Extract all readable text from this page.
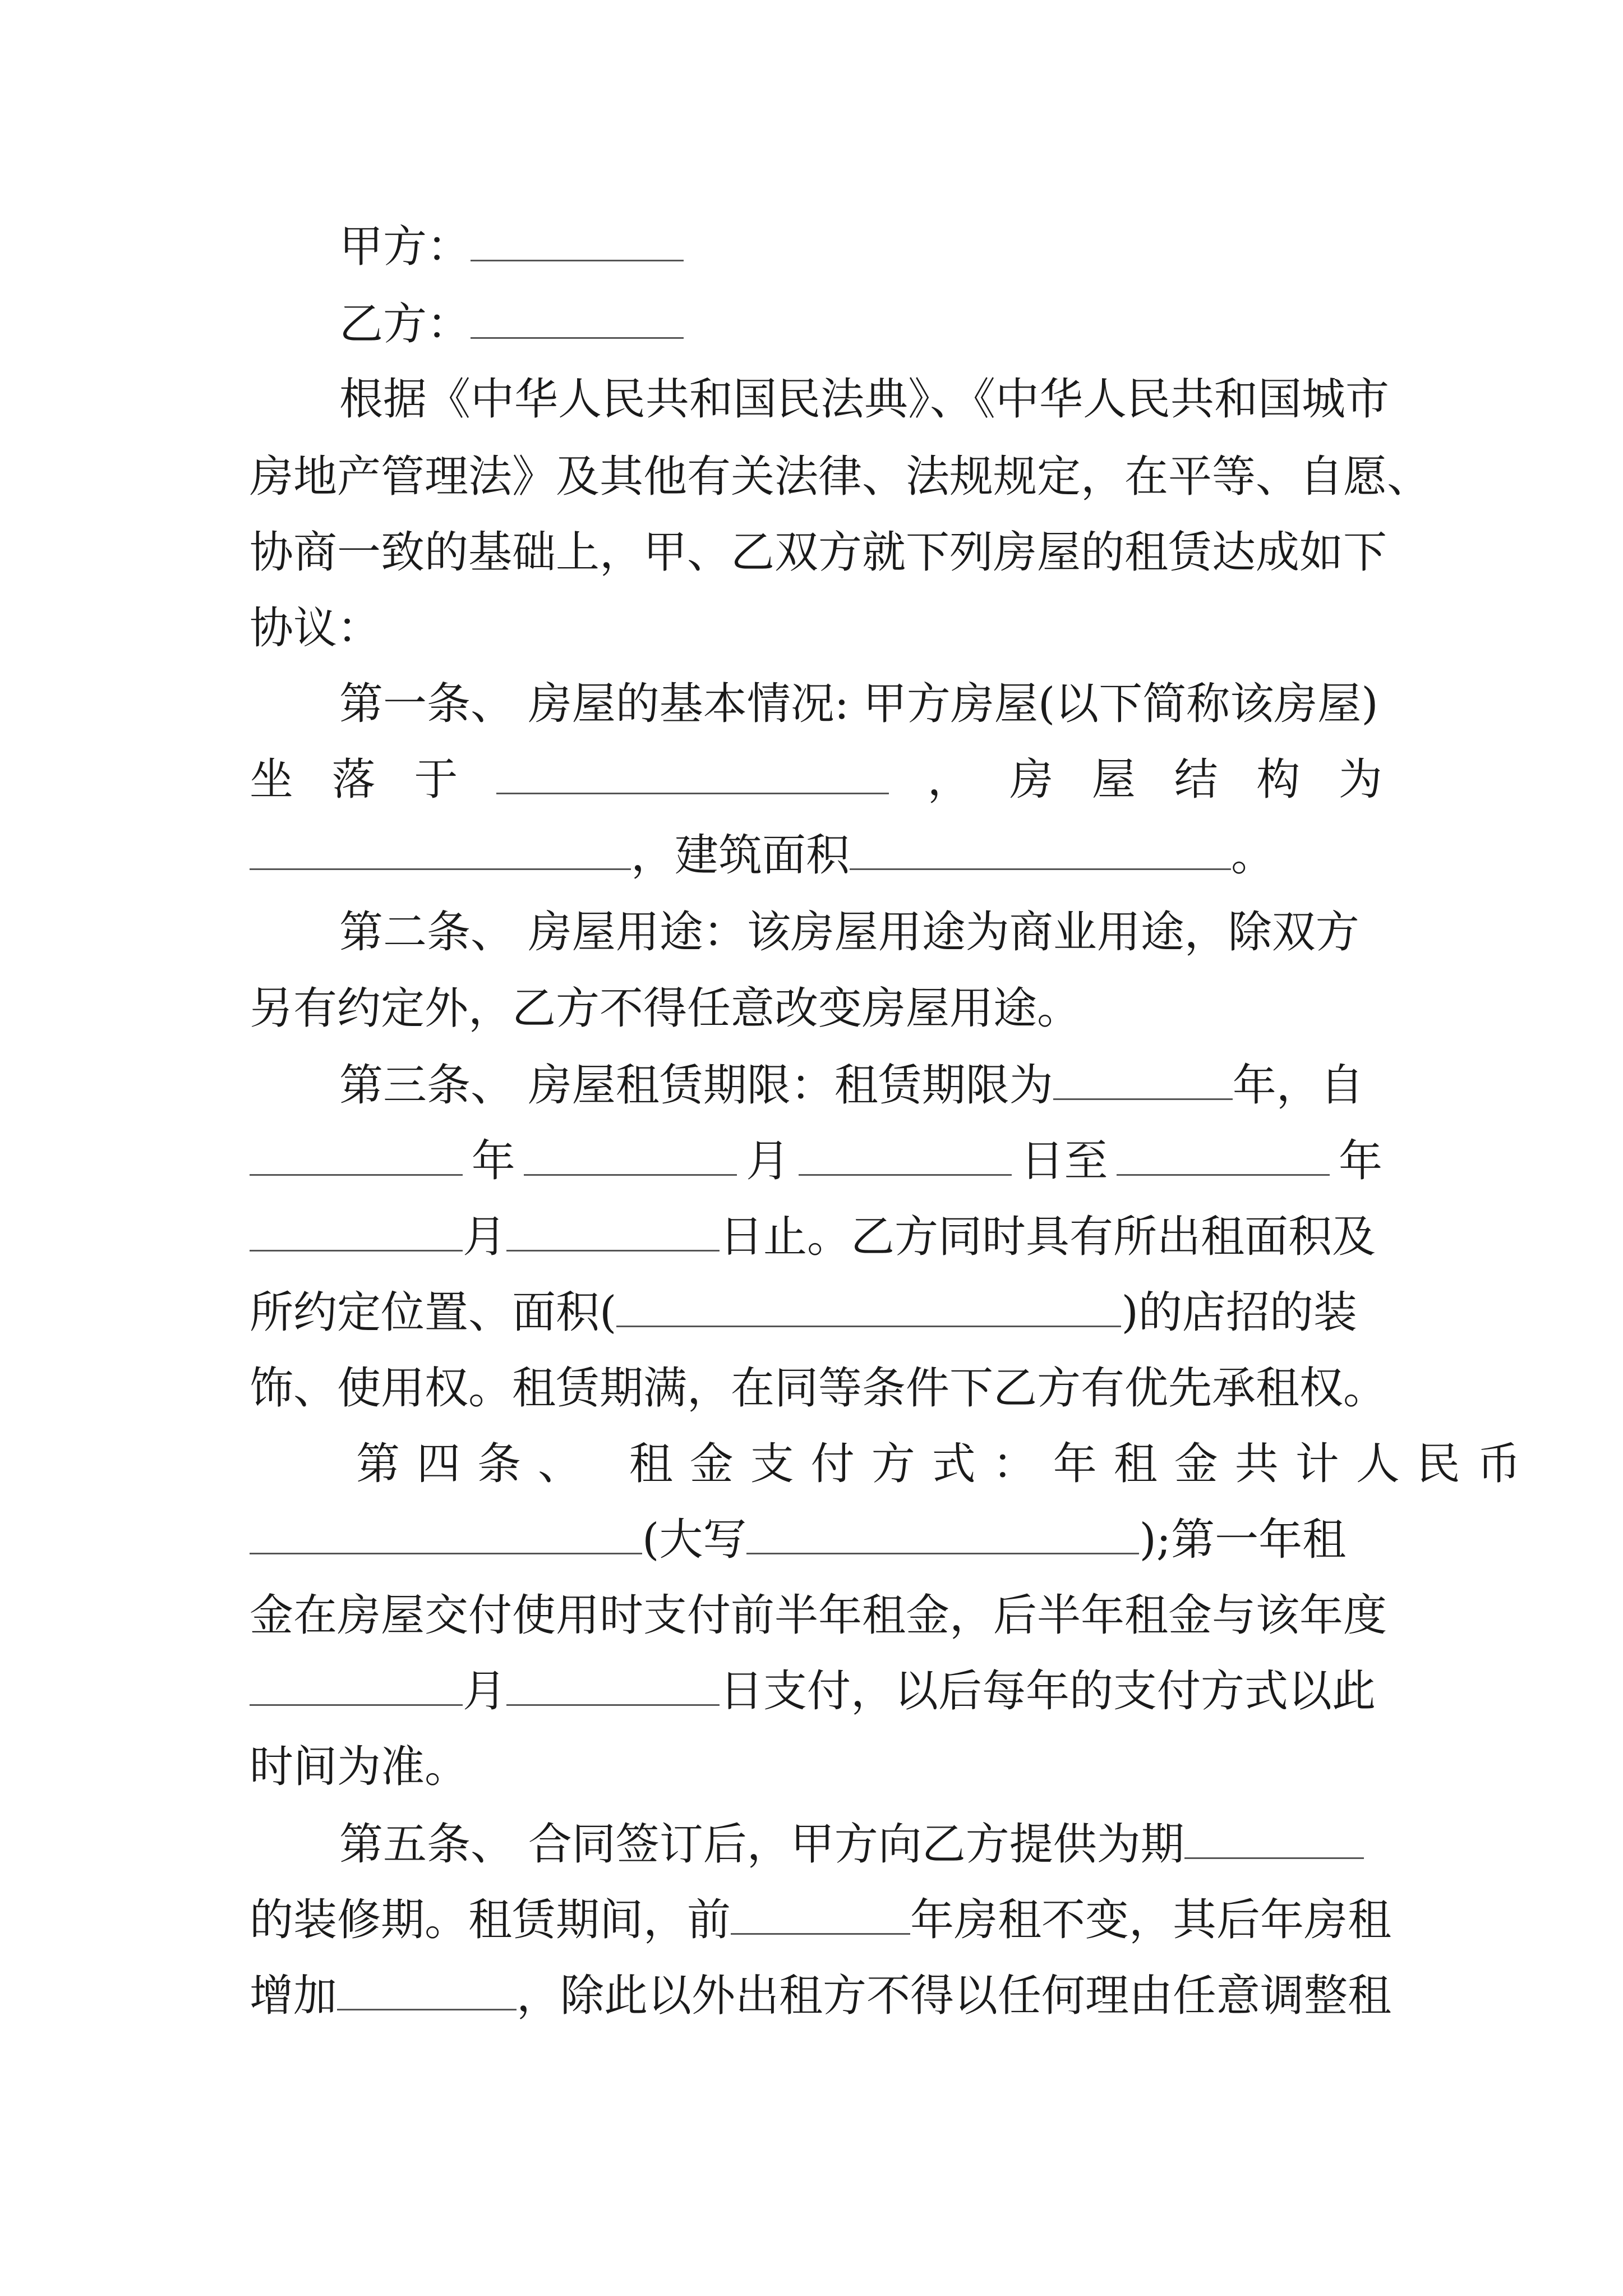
甲方：
乙方：
根据《中华人民共和国民法典》、《中华人民共和国城市
房地产管理法》及其他有关法律、法规规定，在平等、自愿、
协商一致的基础上，甲、乙双方就下列房屋的租赁达成如下
协议：
第一条、 房屋的基本情况: 甲方房屋(以下简称该房屋)
坐 落 于	， 房 屋 结 构 为
，建筑面积	。
第二条、 房屋用途：该房屋用途为商业用途，除双方
另有约定外，乙方不得任意改变房屋用途。
第三条、 房屋租赁期限：租赁期限为	年，自
年	月	日至	年
月	日止。乙方同时具有所出租面积及
所约定位置、面积(	)的店招的装
饰、使用权。租赁期满，在同等条件下乙方有优先承租权。
第四条、 租金支付方式：年租金共计人民币
(大写	);第一年租
金在房屋交付使用时支付前半年租金，后半年租金与该年度
月	日支付，以后每年的支付方式以此
时间为准。
第五条、 合同签订后，甲方向乙方提供为期
的装修期。租赁期间，前	年房租不变，其后年房租
增加	，除此以外出租方不得以任何理由任意调整租
